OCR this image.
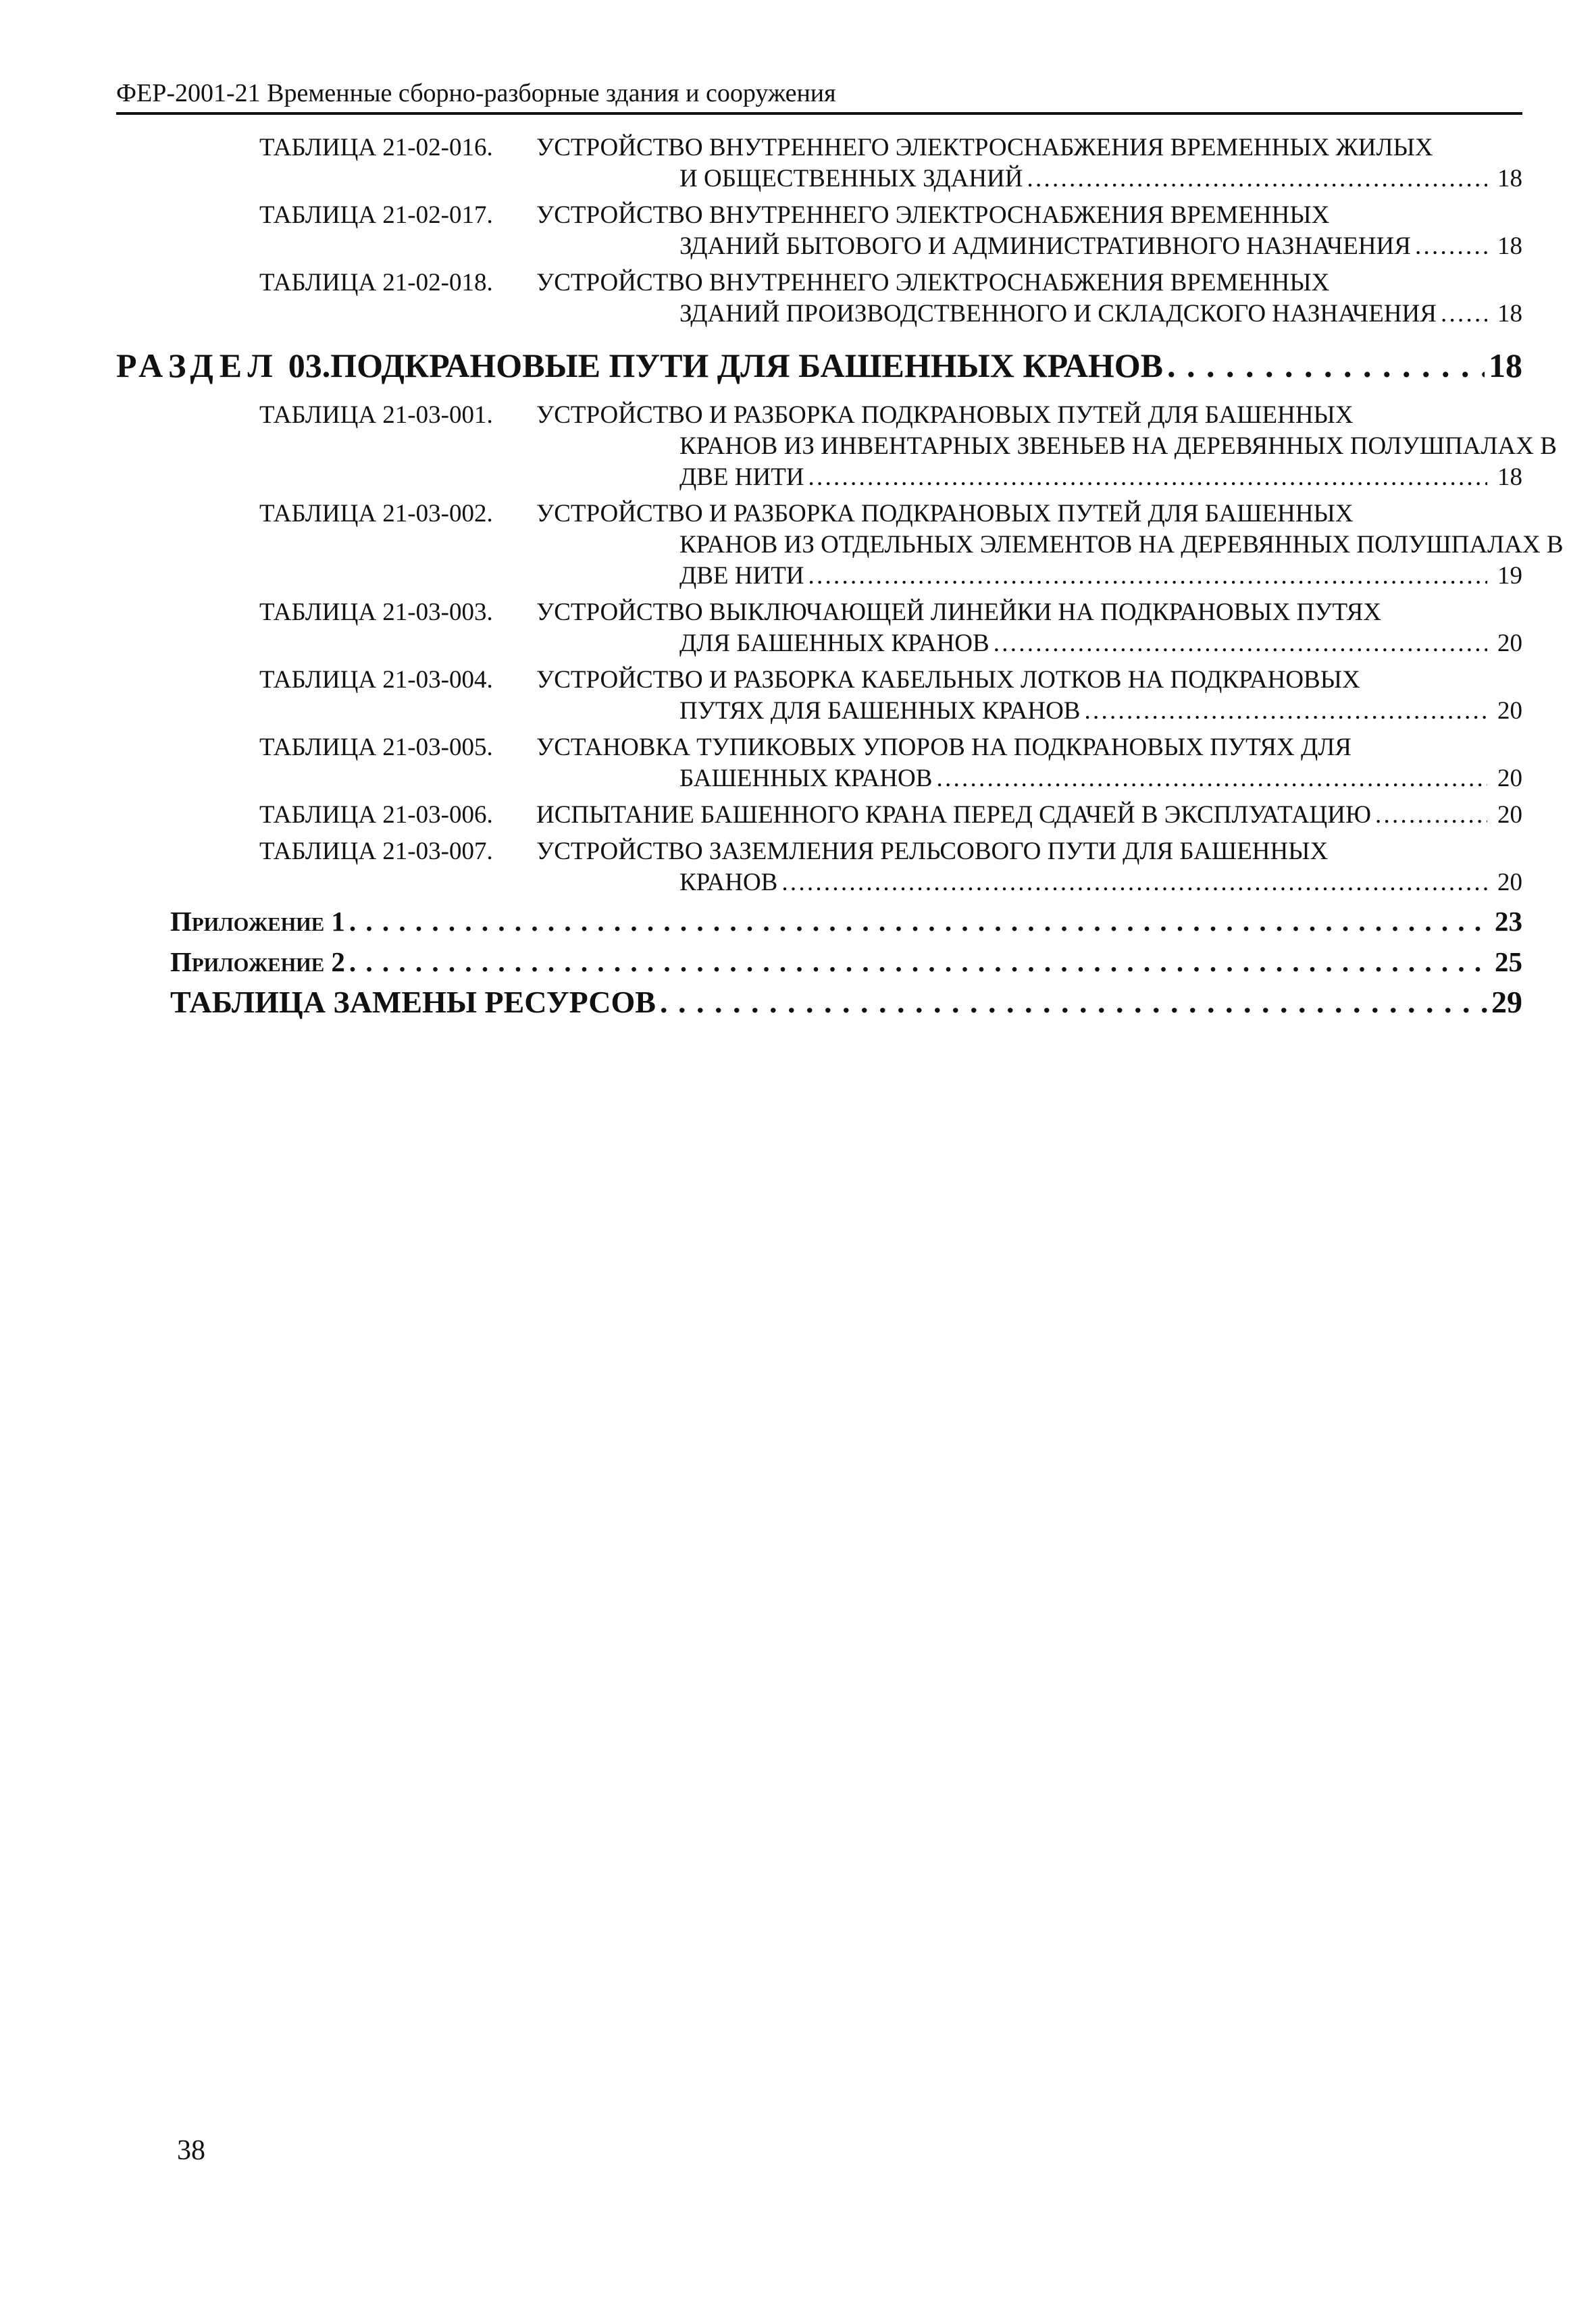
ФЕР-2001-21 Временные сборно-разборные здания и сооружения
ТАБЛИЦА 21-02-016.	УСТРОЙСТВО ВНУТРЕННЕГО ЭЛЕКТРОСНАБЖЕНИЯ ВРЕМЕННЫХ ЖИЛЫХ
И ОБЩЕСТВЕННЫХ ЗДАНИЙ . . .	18
ТАБЛИЦА 21-02-017.	УСТРОЙСТВО ВНУТРЕННЕГО ЭЛЕКТРОСНАБЖЕНИЯ ВРЕМЕННЫХ
ЗДАНИЙ БЫТОВОГО И АДМИНИСТРАТИВНОГО НАЗНАЧЕНИЯ . . .	18
ТАБЛИЦА 21-02-018.	УСТРОЙСТВО ВНУТРЕННЕГО ЭЛЕКТРОСНАБЖЕНИЯ ВРЕМЕННЫХ
ЗДАНИЙ ПРОИЗВОДСТВЕННОГО И СКЛАДСКОГО НАЗНАЧЕНИЯ . . . 18
РАЗДЕЛ 03.ПОДКРАНОВЫЕ ПУТИ ДЛЯ БАШЕННЫХ КРАНОВ . . .	18
ТАБЛИЦА 21-03-001.	УСТРОЙСТВО И РАЗБОРКА ПОДКРАНОВЫХ ПУТЕЙ ДЛЯ БАШЕННЫХ
КРАНОВ ИЗ ИНВЕНТАРНЫХ ЗВЕНЬЕВ НА ДЕРЕВЯННЫХ ПОЛУШПАЛАХ В
ДВЕ НИТИ . . .	18
ТАБЛИЦА 21-03-002.	УСТРОЙСТВО И РАЗБОРКА ПОДКРАНОВЫХ ПУТЕЙ ДЛЯ БАШЕННЫХ
КРАНОВ ИЗ ОТДЕЛЬНЫХ ЭЛЕМЕНТОВ НА ДЕРЕВЯННЫХ ПОЛУШПАЛАХ В
ДВЕ НИТИ . . .	19
ТАБЛИЦА 21-03-003.	УСТРОЙСТВО ВЫКЛЮЧАЮЩЕЙ ЛИНЕЙКИ НА ПОДКРАНОВЫХ ПУТЯХ
ДЛЯ БАШЕННЫХ КРАНОВ . . .	20
ТАБЛИЦА 21-03-004.	УСТРОЙСТВО И РАЗБОРКА КАБЕЛЬНЫХ ЛОТКОВ НА ПОДКРАНОВЫХ
ПУТЯХ ДЛЯ БАШЕННЫХ КРАНОВ . . .	20
ТАБЛИЦА 21-03-005.	УСТАНОВКА ТУПИКОВЫХ УПОРОВ НА ПОДКРАНОВЫХ ПУТЯХ ДЛЯ
БАШЕННЫХ КРАНОВ . . .	20
ТАБЛИЦА 21-03-006.	ИСПЫТАНИЕ БАШЕННОГО КРАНА ПЕРЕД СДАЧЕЙ В ЭКСПЛУАТАЦИЮ . . .	20
ТАБЛИЦА 21-03-007.	УСТРОЙСТВО ЗАЗЕМЛЕНИЯ РЕЛЬСОВОГО ПУТИ ДЛЯ БАШЕННЫХ
КРАНОВ . . .	20
Приложение 1 . . .	23
Приложение 2 . . .	25
ТАБЛИЦА ЗАМЕНЫ РЕСУРСОВ . . .	29
38
